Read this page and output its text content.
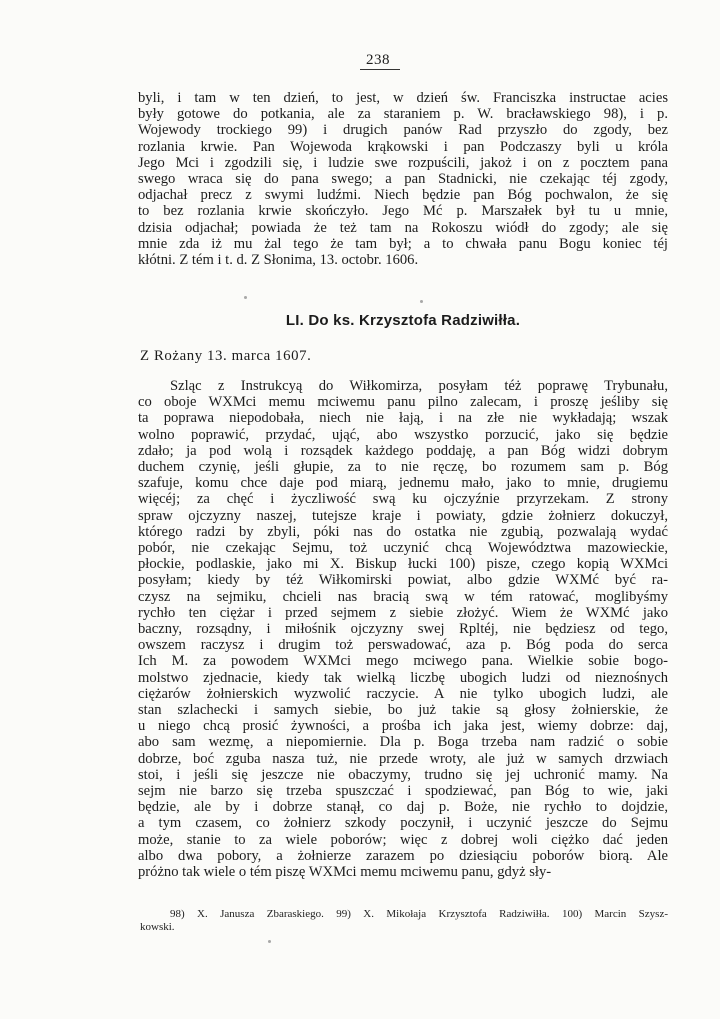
238
byli, i tam w ten dzień, to jest, w dzień św. Franciszka instructae acies
były gotowe do potkania, ale za staraniem p. W. bracławskiego 98), i p.
Wojewody trockiego 99) i drugich panów Rad przyszło do zgody, bez
rozlania krwie. Pan Wojewoda krąkowski i pan Podczaszy byli u króla
Jego Mci i zgodzili się, i ludzie swe rozpuścili, jakoż i on z pocztem pana
swego wraca się do pana swego; a pan Stadnicki, nie czekając téj zgody,
odjachał precz z swymi ludźmi. Niech będzie pan Bóg pochwalon, że się
to bez rozlania krwie skończyło. Jego Mć p. Marszałek był tu u mnie,
dzisia odjachał; powiada że też tam na Rokoszu wiódł do zgody; ale się
mnie zda iż mu żal tego że tam był; a to chwała panu Bogu koniec téj
kłótni. Z tém i t. d. Z Słonima, 13. octobr. 1606.
LI. Do ks. Krzysztofa Radziwiłła.
Z Rożany 13. marca 1607.
Szląc z Instrukcyą do Wiłkomirza, posyłam téż poprawę Trybunału,
co oboje WXMci memu mciwemu panu pilno zalecam, i proszę jeśliby się
ta poprawa niepodobała, niech nie łają, i na złe nie wykładają; wszak
wolno poprawić, przydać, ująć, abo wszystko porzucić, jako się będzie
zdało; ja pod wolą i rozsądek każdego poddaję, a pan Bóg widzi dobrym
duchem czynię, jeśli głupie, za to nie ręczę, bo rozumem sam p. Bóg
szafuje, komu chce daje pod miarą, jednemu mało, jako to mnie, drugiemu
więcéj; za chęć i życzliwość swą ku ojczyźnie przyrzekam. Z strony
spraw ojczyzny naszej, tutejsze kraje i powiaty, gdzie żołnierz dokuczył,
którego radzi by zbyli, póki nas do ostatka nie zgubią, pozwalają wydać
pobór, nie czekając Sejmu, toż uczynić chcą Województwa mazowieckie,
płockie, podlaskie, jako mi X. Biskup łucki 100) pisze, czego kopią WXMci
posyłam; kiedy by téż Wiłkomirski powiat, albo gdzie WXMć być ra-
czysz na sejmiku, chcieli nas bracią swą w tém ratować, moglibyśmy
rychło ten ciężar i przed sejmem z siebie złożyć. Wiem że WXMć jako
baczny, rozsądny, i miłośnik ojczyzny swej Rpltéj, nie będziesz od tego,
owszem raczysz i drugim toż perswadować, aza p. Bóg poda do serca
Ich M. za powodem WXMci mego mciwego pana. Wielkie sobie bogo-
molstwo zjednacie, kiedy tak wielką liczbę ubogich ludzi od nieznośnych
ciężarów żołnierskich wyzwolić raczycie. A nie tylko ubogich ludzi, ale
stan szlachecki i samych siebie, bo już takie są głosy żołnierskie, że
u niego chcą prosić żywności, a prośba ich jaka jest, wiemy dobrze: daj,
abo sam wezmę, a niepomiernie. Dla p. Boga trzeba nam radzić o sobie
dobrze, boć zguba nasza tuż, nie przede wroty, ale już w samych drzwiach
stoi, i jeśli się jeszcze nie obaczymy, trudno się jej uchronić mamy. Na
sejm nie barzo się trzeba spuszczać i spodziewać, pan Bóg to wie, jaki
będzie, ale by i dobrze stanął, co daj p. Boże, nie rychło to dojdzie,
a tym czasem, co żołnierz szkody poczynił, i uczynić jeszcze do Sejmu
może, stanie to za wiele poborów; więc z dobrej woli ciężko dać jeden
albo dwa pobory, a żołnierze zarazem po dziesiąciu poborów biorą. Ale
próżno tak wiele o tém piszę WXMci memu mciwemu panu, gdyż sły-
98) X. Janusza Zbaraskiego. 99) X. Mikołaja Krzysztofa Radziwiłła. 100) Marcin Szysz-
kowski.
